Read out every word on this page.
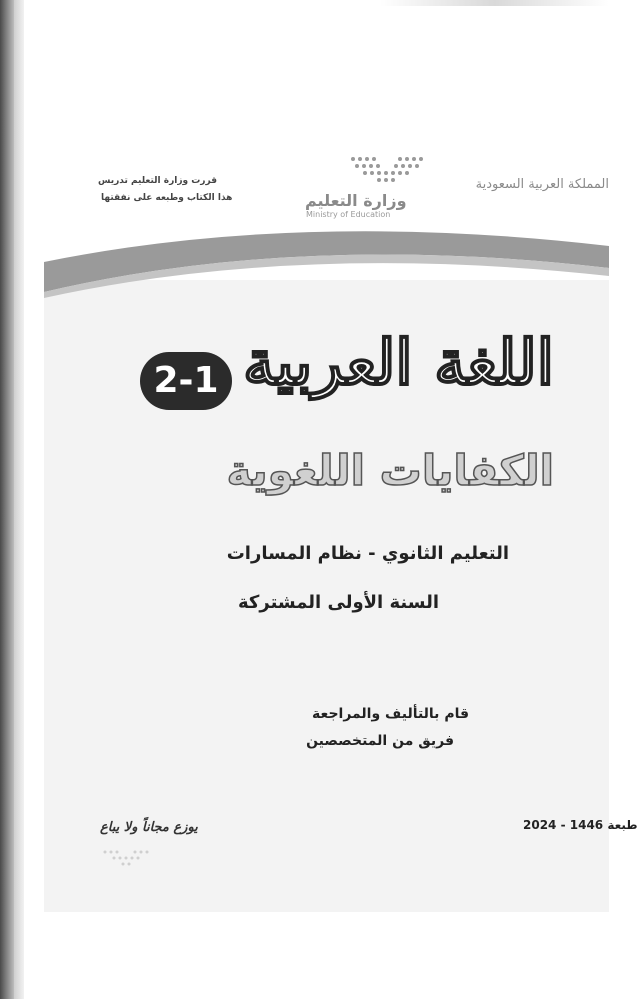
المملكة العربية السعودية
وزارة التعليم
Ministry of Education
قررت وزارة التعليم تدريس
هذا الكتاب وطبعه على نفقتها
اللغة العربية
2-1
الكفايات اللغوية
التعليم الثانوي - نظام المسارات
السنة الأولى المشتركة
قام بالتأليف والمراجعة
فريق من المتخصصين
طبعة 1446 - 2024
يوزع مجاناً ولا يباع
